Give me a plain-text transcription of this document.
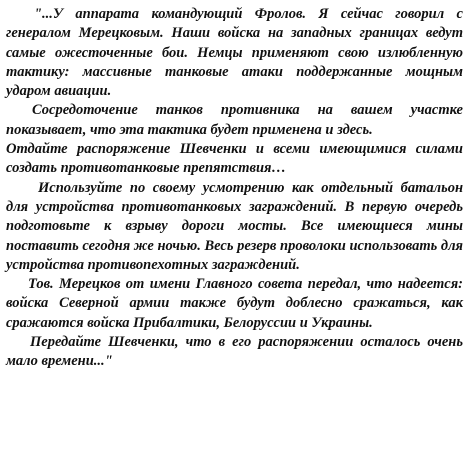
"...У аппарата командующий Фролов. Я сейчас говорил с генералом Мерецковым. Наши войска на западных границах ведут самые ожесточенные бои. Немцы применяют свою излюбленную тактику: массивные танковые атаки поддержанные мощным ударом авиации.

Сосредоточение танков противника на вашем участке показывает, что эта тактика будет применена и здесь.

Отдайте распоряжение Шевченки и всеми имеющимися силами создать противотанковые препятствия…

Используйте по своему усмотрению как отдельный батальон для устройства противотанковых заграждений. В первую очередь подготовьте к взрыву дороги мосты. Все имеющиеся мины поставить сегодня же ночью. Весь резерв проволоки использовать для устройства противопехотных заграждений.

Тов. Мерецков от имени Главного совета передал, что надеется: войска Северной армии также будут доблесно сражаться, как сражаются войска Прибалтики, Белоруссии и Украины.

Передайте Шевченки, что в его распоряжении осталось очень мало времени..."
